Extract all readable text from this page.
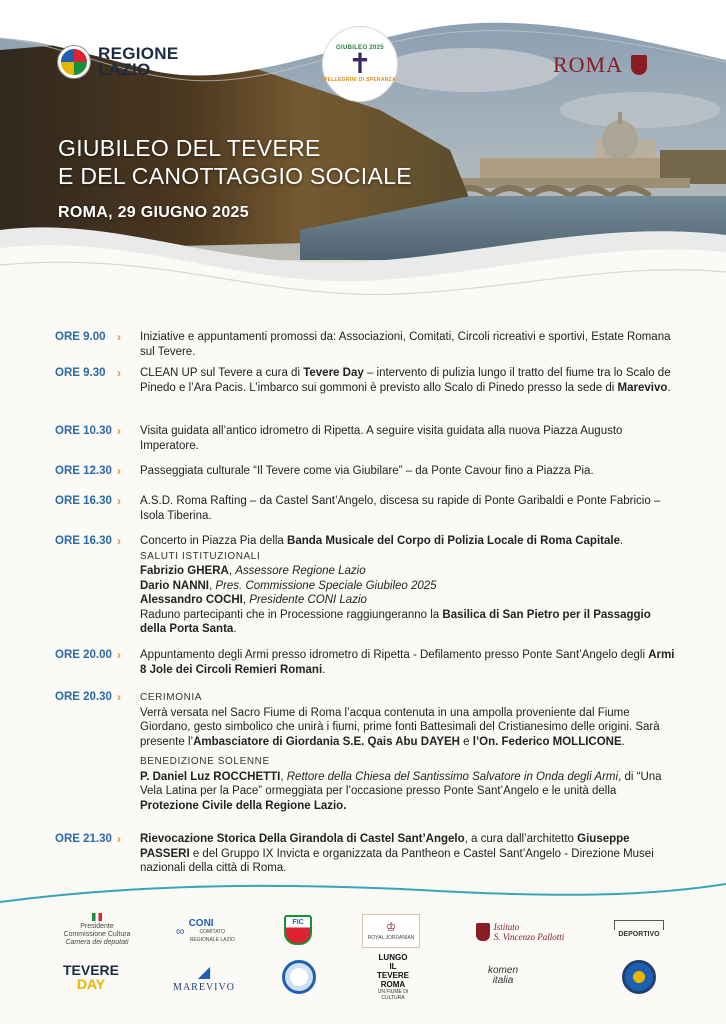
REGIONE
LAZIO
GIUBILEO 2025
✝
PELLEGRINI DI SPERANZA
ROMA
GIUBILEO DEL TEVERE
E DEL CANOTTAGGIO SOCIALE
ROMA, 29 GIUGNO 2025
ORE 9.00 › Iniziative e appuntamenti promossi da: Associazioni, Comitati, Circoli ricreativi e sportivi, Estate Romana sul Tevere.
ORE 9.30 › CLEAN UP sul Tevere a cura di Tevere Day – intervento di pulizia lungo il tratto del fiume tra lo Scalo de Pinedo e l’Ara Pacis. L’imbarco sui gommoni è previsto allo Scalo di Pinedo presso la sede di Marevivo.
ORE 10.30 › Visita guidata all’antico idrometro di Ripetta. A seguire visita guidata alla nuova Piazza Augusto Imperatore.
ORE 12.30 › Passeggiata culturale “Il Tevere come via Giubilare” – da Ponte Cavour fino a Piazza Pia.
ORE 16.30 › A.S.D. Roma Rafting – da Castel Sant’Angelo, discesa su rapide di Ponte Garibaldi e Ponte Fabricio – Isola Tiberina.
ORE 16.30 › Concerto in Piazza Pia della Banda Musicale del Corpo di Polizia Locale di Roma Capitale.
SALUTI ISTITUZIONALI
Fabrizio GHERA, Assessore Regione Lazio
Dario NANNI, Pres. Commissione Speciale Giubileo 2025
Alessandro COCHI, Presidente CONI Lazio
Raduno partecipanti che in Processione raggiungeranno la Basilica di San Pietro per il Passaggio della Porta Santa.
ORE 20.00 › Appuntamento degli Armi presso idrometro di Ripetta - Defilamento presso Ponte Sant’Angelo degli Armi 8 Jole dei Circoli Remieri Romani.
ORE 20.30 › CERIMONIA
Verrà versata nel Sacro Fiume di Roma l’acqua contenuta in una ampolla proveniente dal Fiume Giordano, gesto simbolico che unirà i fiumi, prime fonti Battesimali del Cristianesimo delle origini. Sarà presente l’Ambasciatore di Giordania S.E. Qais Abu DAYEH e l’On. Federico MOLLICONE.
BENEDIZIONE SOLENNE
P. Daniel Luz ROCCHETTI, Rettore della Chiesa del Santissimo Salvatore in Onda degli Armi, di “Una Vela Latina per la Pace” ormeggiata per l’occasione presso Ponte Sant’Angelo e le unità della Protezione Civile della Regione Lazio.
ORE 21.30 › Rievocazione Storica Della Girandola di Castel Sant’Angelo, a cura dall’architetto Giuseppe PASSERI e del Gruppo IX Invicta e organizzata da Pantheon e Castel Sant’Angelo - Direzione Musei nazionali della città di Roma.
Presidente
Commissione Cultura
Camera dei deputati
∞
CONI
COMITATO REGIONALE LAZIO
FIC	♔
ROYAL JORDANIAN
Istituto
S. Vincenzo Pallotti	DEPORTIVO
TEVERE
DAY
◢
MAREVIVO
LUNGO IL TEVERE ROMA
UN FIUME DI CULTURA
komen
italia
